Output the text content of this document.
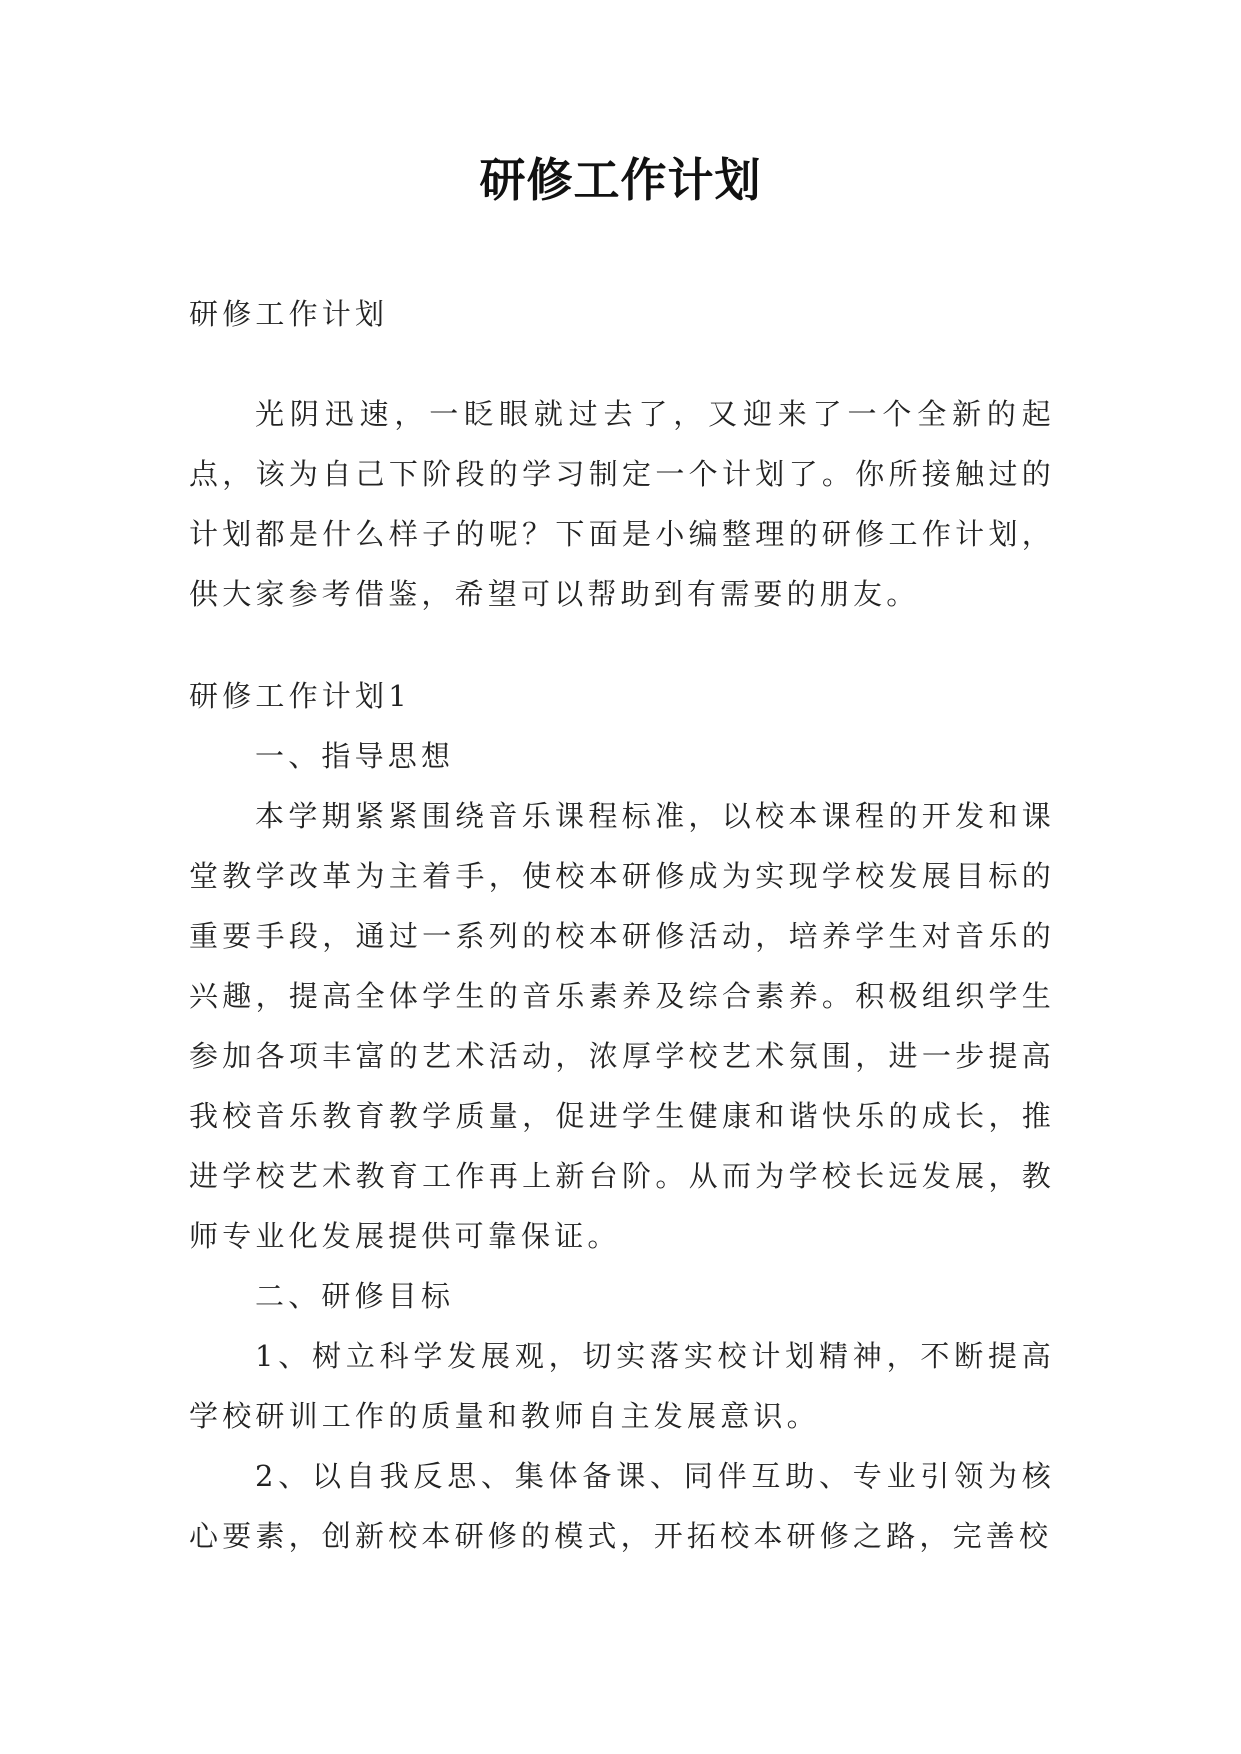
研修工作计划

研修工作计划

光阴迅速，一眨眼就过去了，又迎来了一个全新的起点，该为自己下阶段的学习制定一个计划了。你所接触过的计划都是什么样子的呢？下面是小编整理的研修工作计划，供大家参考借鉴，希望可以帮助到有需要的朋友。

研修工作计划1

一、指导思想

本学期紧紧围绕音乐课程标准，以校本课程的开发和课堂教学改革为主着手，使校本研修成为实现学校发展目标的重要手段，通过一系列的校本研修活动，培养学生对音乐的兴趣，提高全体学生的音乐素养及综合素养。积极组织学生参加各项丰富的艺术活动，浓厚学校艺术氛围，进一步提高我校音乐教育教学质量，促进学生健康和谐快乐的成长，推进学校艺术教育工作再上新台阶。从而为学校长远发展，教师专业化发展提供可靠保证。

二、研修目标

1、树立科学发展观，切实落实校计划精神，不断提高学校研训工作的质量和教师自主发展意识。

2、以自我反思、集体备课、同伴互助、专业引领为核心要素，创新校本研修的模式，开拓校本研修之路，完善校
